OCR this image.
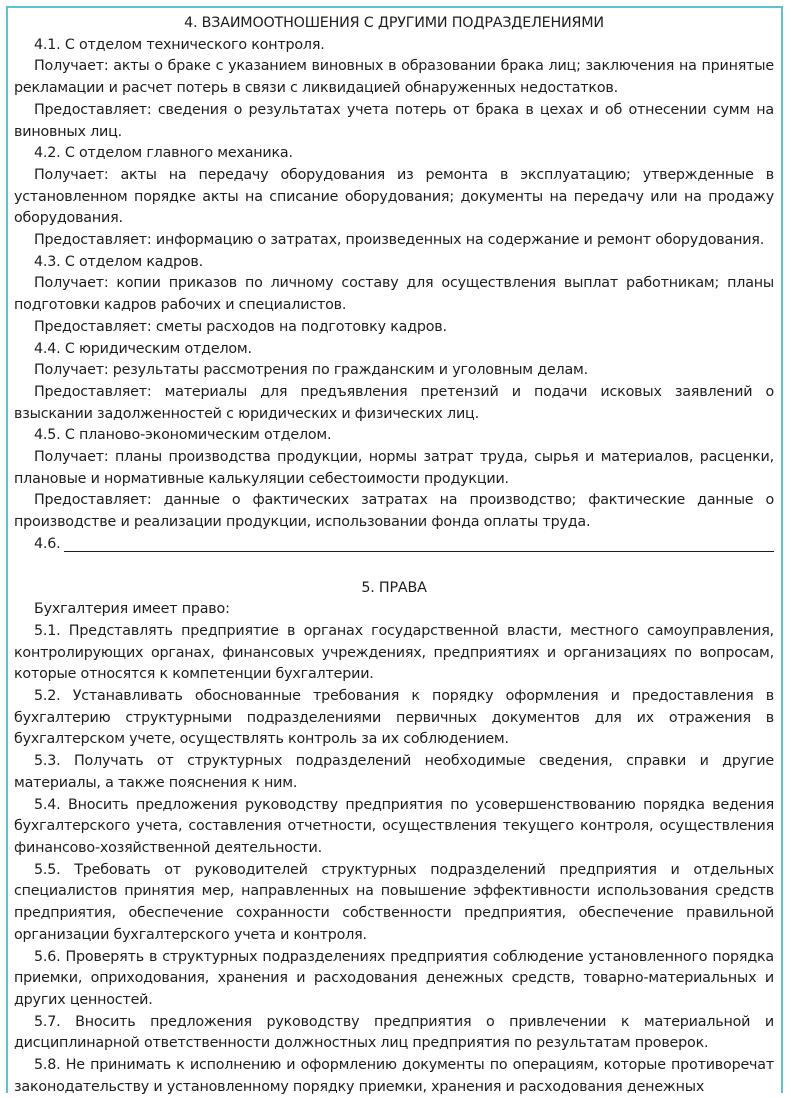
4. ВЗАИМООТНОШЕНИЯ С ДРУГИМИ ПОДРАЗДЕЛЕНИЯМИ

4.1. С отделом технического контроля.

Получает: акты о браке с указанием виновных в образовании брака лиц; заключения на принятые рекламации и расчет потерь в связи с ликвидацией обнаруженных недостатков.

Предоставляет: сведения о результатах учета потерь от брака в цехах и об отнесении сумм на виновных лиц.

4.2. С отделом главного механика.

Получает: акты на передачу оборудования из ремонта в эксплуатацию; утвержденные в установленном порядке акты на списание оборудования; документы на передачу или на продажу оборудования.

Предоставляет: информацию о затратах, произведенных на содержание и ремонт оборудования.

4.3. С отделом кадров.

Получает: копии приказов по личному составу для осуществления выплат работникам; планы подготовки кадров рабочих и специалистов.

Предоставляет: сметы расходов на подготовку кадров.

4.4. С юридическим отделом.

Получает: результаты рассмотрения по гражданским и уголовным делам.

Предоставляет: материалы для предъявления претензий и подачи исковых заявлений о взыскании задолженностей с юридических и физических лиц.

4.5. С планово-экономическим отделом.

Получает: планы производства продукции, нормы затрат труда, сырья и материалов, расценки, плановые и нормативные калькуляции себестоимости продукции.

Предоставляет: данные о фактических затратах на производство; фактические данные о производстве и реализации продукции, использовании фонда оплаты труда.

4.6.
5. ПРАВА

Бухгалтерия имеет право:

5.1. Представлять предприятие в органах государственной власти, местного самоуправления, контролирующих органах, финансовых учреждениях, предприятиях и организациях по вопросам, которые относятся к компетенции бухгалтерии.

5.2. Устанавливать обоснованные требования к порядку оформления и предоставления в бухгалтерию структурными подразделениями первичных документов для их отражения в бухгалтерском учете, осуществлять контроль за их соблюдением.

5.3. Получать от структурных подразделений необходимые сведения, справки и другие материалы, а также пояснения к ним.

5.4. Вносить предложения руководству предприятия по усовершенствованию порядка ведения бухгалтерского учета, составления отчетности, осуществления текущего контроля, осуществления финансово-хозяйственной деятельности.

5.5. Требовать от руководителей структурных подразделений предприятия и отдельных специалистов принятия мер, направленных на повышение эффективности использования средств предприятия, обеспечение сохранности собственности предприятия, обеспечение правильной организации бухгалтерского учета и контроля.

5.6. Проверять в структурных подразделениях предприятия соблюдение установленного порядка приемки, оприходования, хранения и расходования денежных средств, товарно-материальных и других ценностей.

5.7. Вносить предложения руководству предприятия о привлечении к материальной и дисциплинарной ответственности должностных лиц предприятия по результатам проверок.

5.8. Не принимать к исполнению и оформлению документы по операциям, которые противоречат законодательству и установленному порядку приемки, хранения и расходования денежных
